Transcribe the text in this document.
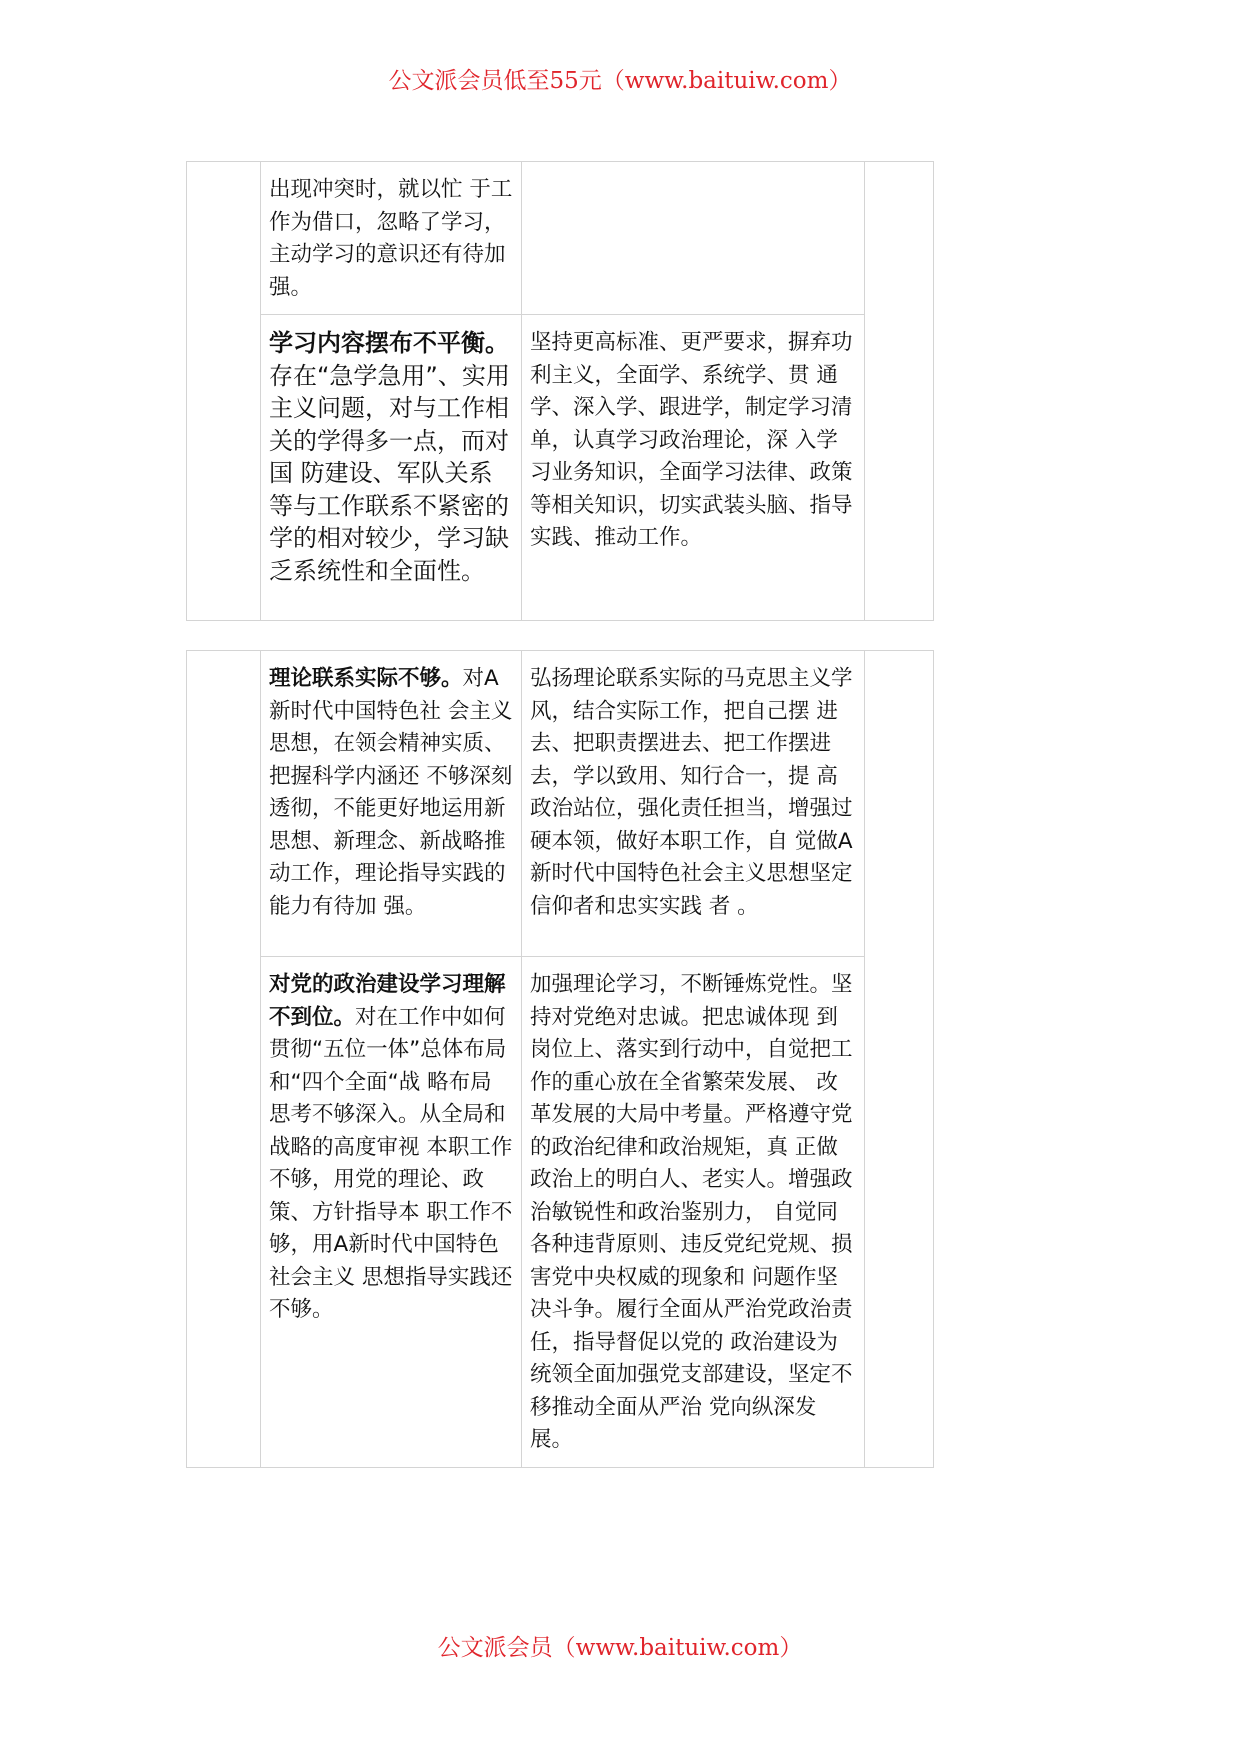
公文派会员低至55元（www.baituiw.com）
	出现冲突时，就以忙 于工作为借口，忽略了学习，主动学习的意识还有待加强。		
	学习内容摆布不平衡。存在“急学急用”、实用 主义问题，对与工作相关的学得多一点，而对国 防建设、军队关系等与工作联系不紧密的学的相对较少，学习缺乏系统性和全面性。	坚持更高标准、更严要求，摒弃功利主义，全面学、系统学、贯 通学、深入学、跟进学，制定学习清单，认真学习政治理论，深 入学习业务知识，全面学习法律、政策等相关知识，切实武装头脑、指导实践、推动工作。	
	理论联系实际不够。对A新时代中国特色社 会主义思想，在领会精神实质、把握科学内涵还 不够深刻透彻，不能更好地运用新思想、新理念、新战略推动工作，理论指导实践的能力有待加 强。	弘扬理论联系实际的马克思主义学风，结合实际工作，把自己摆 进去、把职责摆进去、把工作摆进去，学以致用、知行合一，提 高政治站位，强化责任担当，增强过硬本领，做好本职工作，自 觉做A新时代中国特色社会主义思想坚定信仰者和忠实实践 者 。	
	对党的政治建设学习理解不到位。对在工作中如何贯彻“五位一体”总体布局和“四个全面“战 略布局思考不够深入。从全局和战略的高度审视 本职工作不够，用党的理论、政策、方针指导本 职工作不够，用A新时代中国特色社会主义 思想指导实践还不够。	加强理论学习，不断锤炼党性。坚持对党绝对忠诚。把忠诚体现 到岗位上、落实到行动中，自觉把工作的重心放在全省繁荣发展、 改革发展的大局中考量。严格遵守党的政治纪律和政治规矩，真 正做政治上的明白人、老实人。增强政治敏锐性和政治鉴别力， 自觉同各种违背原则、违反党纪党规、损害党中央权威的现象和 问题作坚决斗争。履行全面从严治党政治责任，指导督促以党的 政治建设为统领全面加强党支部建设，坚定不移推动全面从严治 党向纵深发展。	
公文派会员（www.baituiw.com）
